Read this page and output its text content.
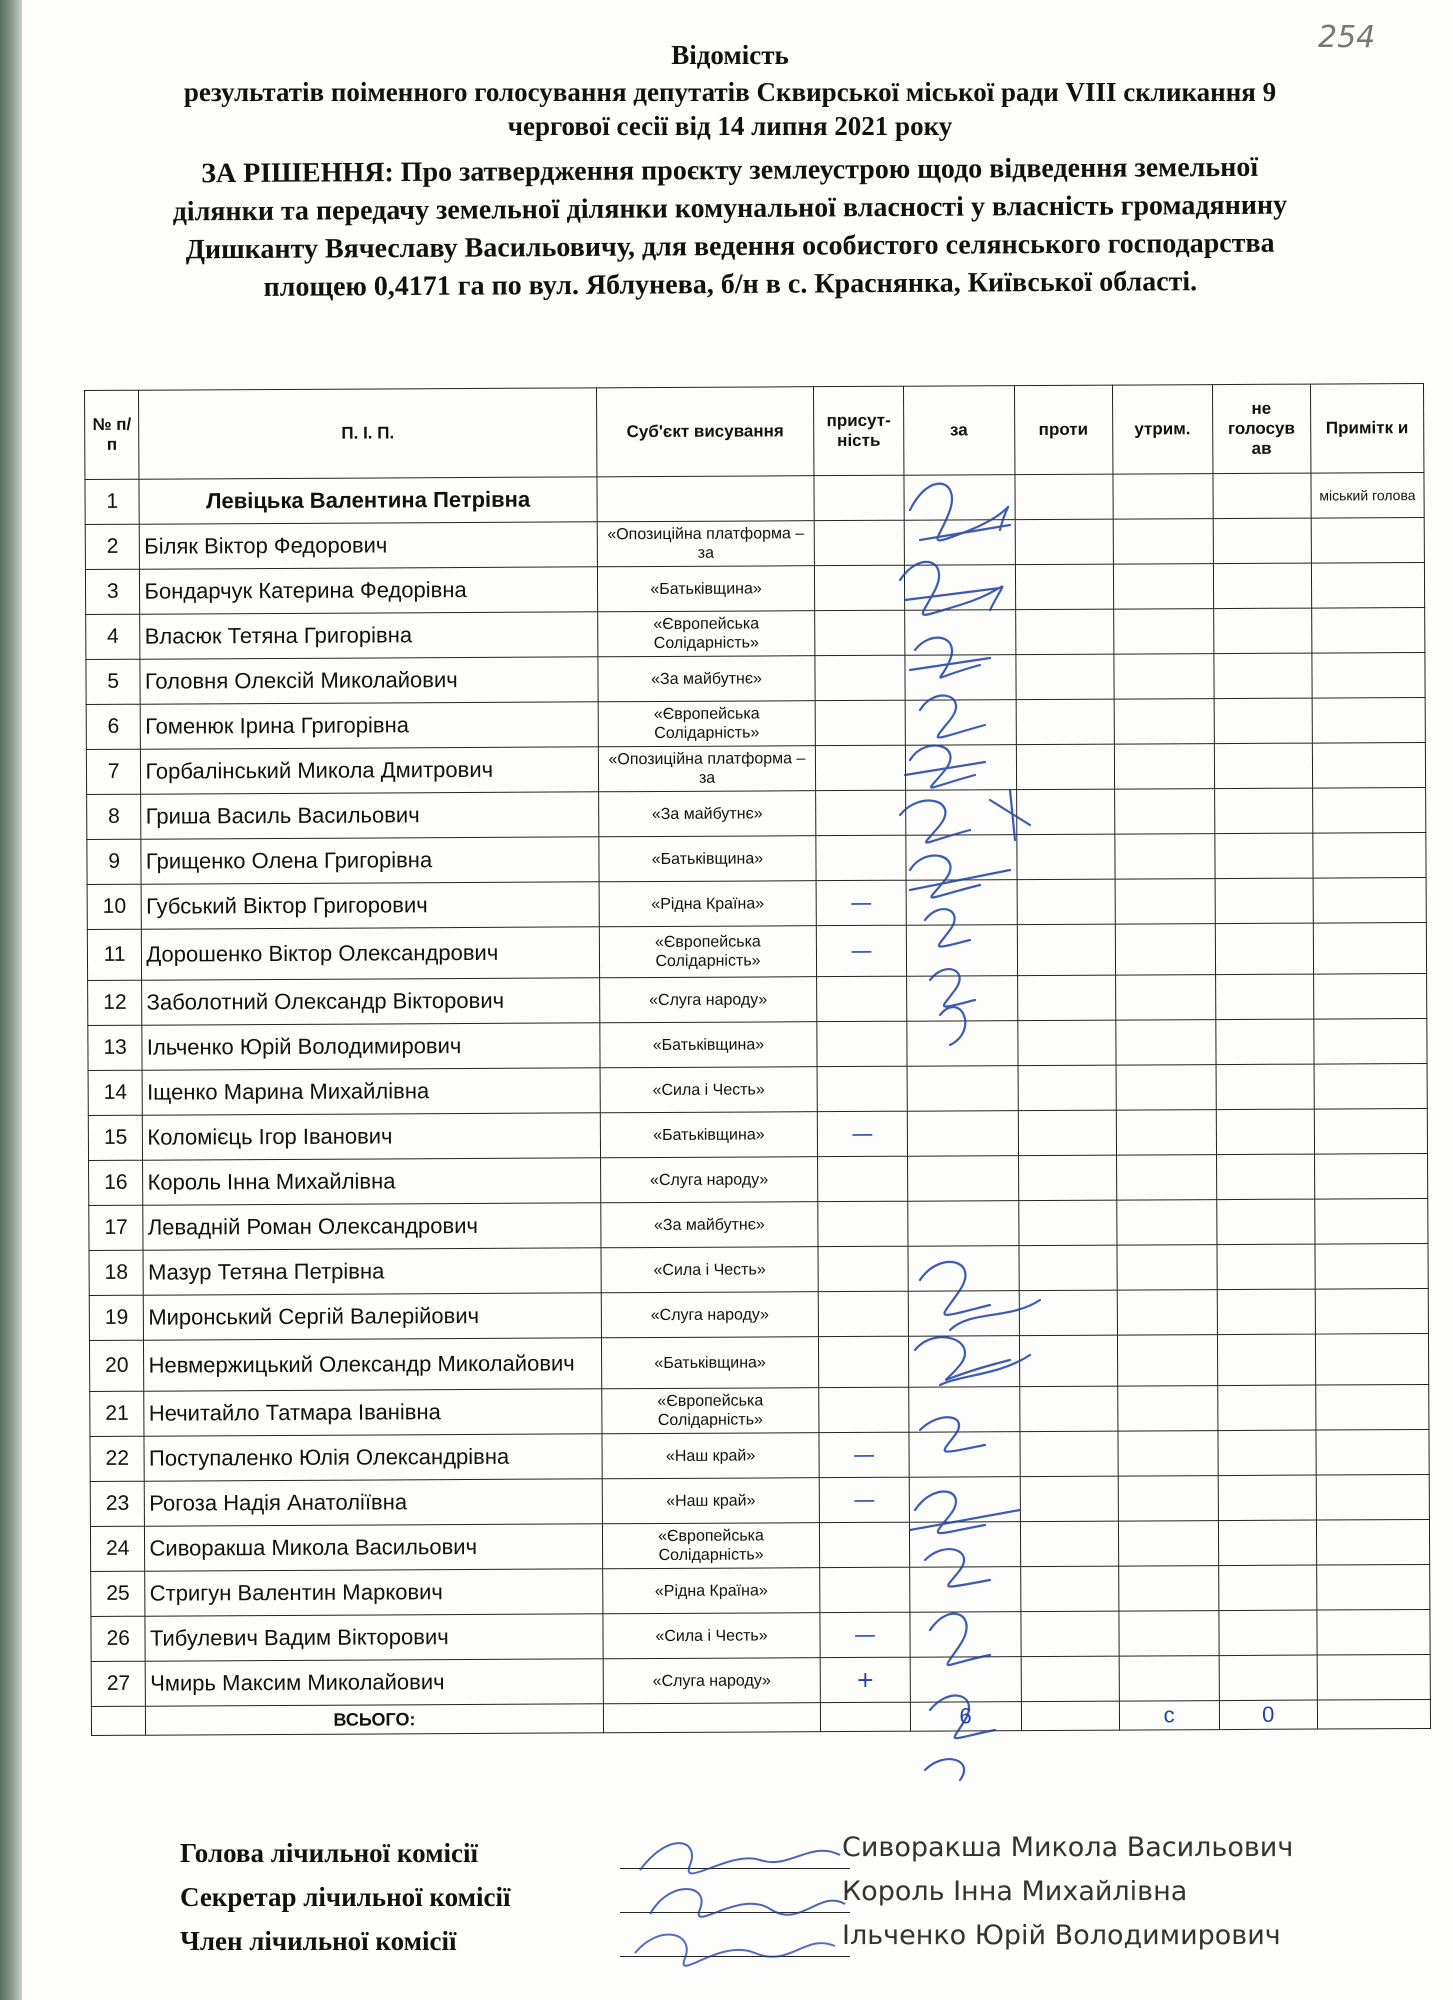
254
Відомість
результатів поіменного голосування депутатів Сквирської міської ради VIII скликання 9
чергової сесії від 14 липня 2021 року
ЗА РІШЕННЯ: Про затвердження проєкту землеустрою щодо відведення земельної
ділянки та передачу земельної ділянки комунальної власності у власність громадянину
Дишканту Вячеславу Васильовичу, для ведення особистого селянського господарства
площею 0,4171 га по вул. Яблунева, б/н в с. Краснянка, Київської області.
№ п/п	П. І. П.	Суб'єкт висування	присут-ність	за	проти	утрим.	не голосув ав	Примітк и
1	Левіцька Валентина Петрівна							міський голова
2	Біляк Віктор Федорович	«Опозиційна платформа – за						
3	Бондарчук Катерина Федорівна	«Батьківщина»						
4	Власюк Тетяна Григорівна	«Європейська Солідарність»						
5	Головня Олексій Миколайович	«За майбутнє»						
6	Гоменюк Ірина Григорівна	«Європейська Солідарність»						
7	Горбалінський Микола Дмитрович	«Опозиційна платформа – за						
8	Гриша Василь Васильович	«За майбутнє»						
9	Грищенко Олена Григорівна	«Батьківщина»						
10	Губський Віктор Григорович	«Рідна Країна»	—					
11	Дорошенко Віктор Олександрович	«Європейська Солідарність»	—					
12	Заболотний Олександр Вікторович	«Слуга народу»						
13	Ільченко Юрій Володимирович	«Батьківщина»						
14	Іщенко Марина Михайлівна	«Сила і Честь»						
15	Коломієць Ігор Іванович	«Батьківщина»	—					
16	Король Інна Михайлівна	«Слуга народу»						
17	Левадній Роман Олександрович	«За майбутнє»						
18	Мазур Тетяна Петрівна	«Сила і Честь»						
19	Миронський Сергій Валерійович	«Слуга народу»						
20	Невмержицький Олександр Миколайович	«Батьківщина»						
21	Нечитайло Татмара Іванівна	«Європейська Солідарність»						
22	Поступаленко Юлія Олександрівна	«Наш край»	—					
23	Рогоза Надія Анатоліївна	«Наш край»	—					
24	Сиворакша Микола Васильович	«Європейська Солідарність»						
25	Стригун Валентин Маркович	«Рідна Країна»						
26	Тибулевич Вадим Вікторович	«Сила і Честь»	—					
27	Чмирь Максим Миколайович	«Слуга народу»	+					
	ВСЬОГО:			6		с	0	
Голова лічильної комісії	Сиворакша Микола Васильович
Секретар лічильної комісії	Король Інна Михайлівна
Член лічильної комісії	Ільченко Юрій Володимирович
